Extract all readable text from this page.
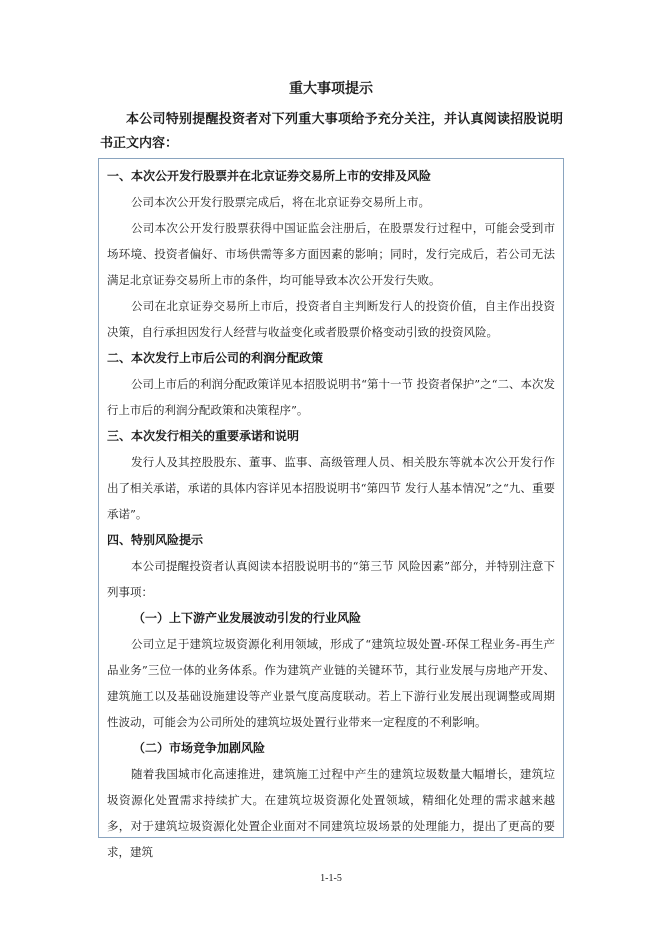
重大事项提示

本公司特别提醒投资者对下列重大事项给予充分关注，并认真阅读招股说明书正文内容：

一、本次公开发行股票并在北京证券交易所上市的安排及风险

公司本次公开发行股票完成后，将在北京证券交易所上市。

公司本次公开发行股票获得中国证监会注册后，在股票发行过程中，可能会受到市场环境、投资者偏好、市场供需等多方面因素的影响；同时，发行完成后，若公司无法满足北京证券交易所上市的条件，均可能导致本次公开发行失败。

公司在北京证券交易所上市后，投资者自主判断发行人的投资价值，自主作出投资决策，自行承担因发行人经营与收益变化或者股票价格变动引致的投资风险。

二、本次发行上市后公司的利润分配政策

公司上市后的利润分配政策详见本招股说明书“第十一节 投资者保护”之“二、本次发行上市后的利润分配政策和决策程序”。

三、本次发行相关的重要承诺和说明

发行人及其控股股东、董事、监事、高级管理人员、相关股东等就本次公开发行作出了相关承诺，承诺的具体内容详见本招股说明书“第四节 发行人基本情况”之“九、重要承诺”。

四、特别风险提示

本公司提醒投资者认真阅读本招股说明书的“第三节 风险因素”部分，并特别注意下列事项：

（一）上下游产业发展波动引发的行业风险

公司立足于建筑垃圾资源化利用领域，形成了“建筑垃圾处置-环保工程业务-再生产品业务”三位一体的业务体系。作为建筑产业链的关键环节，其行业发展与房地产开发、建筑施工以及基础设施建设等产业景气度高度联动。若上下游行业发展出现调整或周期性波动，可能会为公司所处的建筑垃圾处置行业带来一定程度的不利影响。

（二）市场竞争加剧风险

随着我国城市化高速推进，建筑施工过程中产生的建筑垃圾数量大幅增长，建筑垃圾资源化处置需求持续扩大。在建筑垃圾资源化处置领域，精细化处理的需求越来越多，对于建筑垃圾资源化处置企业面对不同建筑垃圾场景的处理能力，提出了更高的要求，建筑

1-1-5
